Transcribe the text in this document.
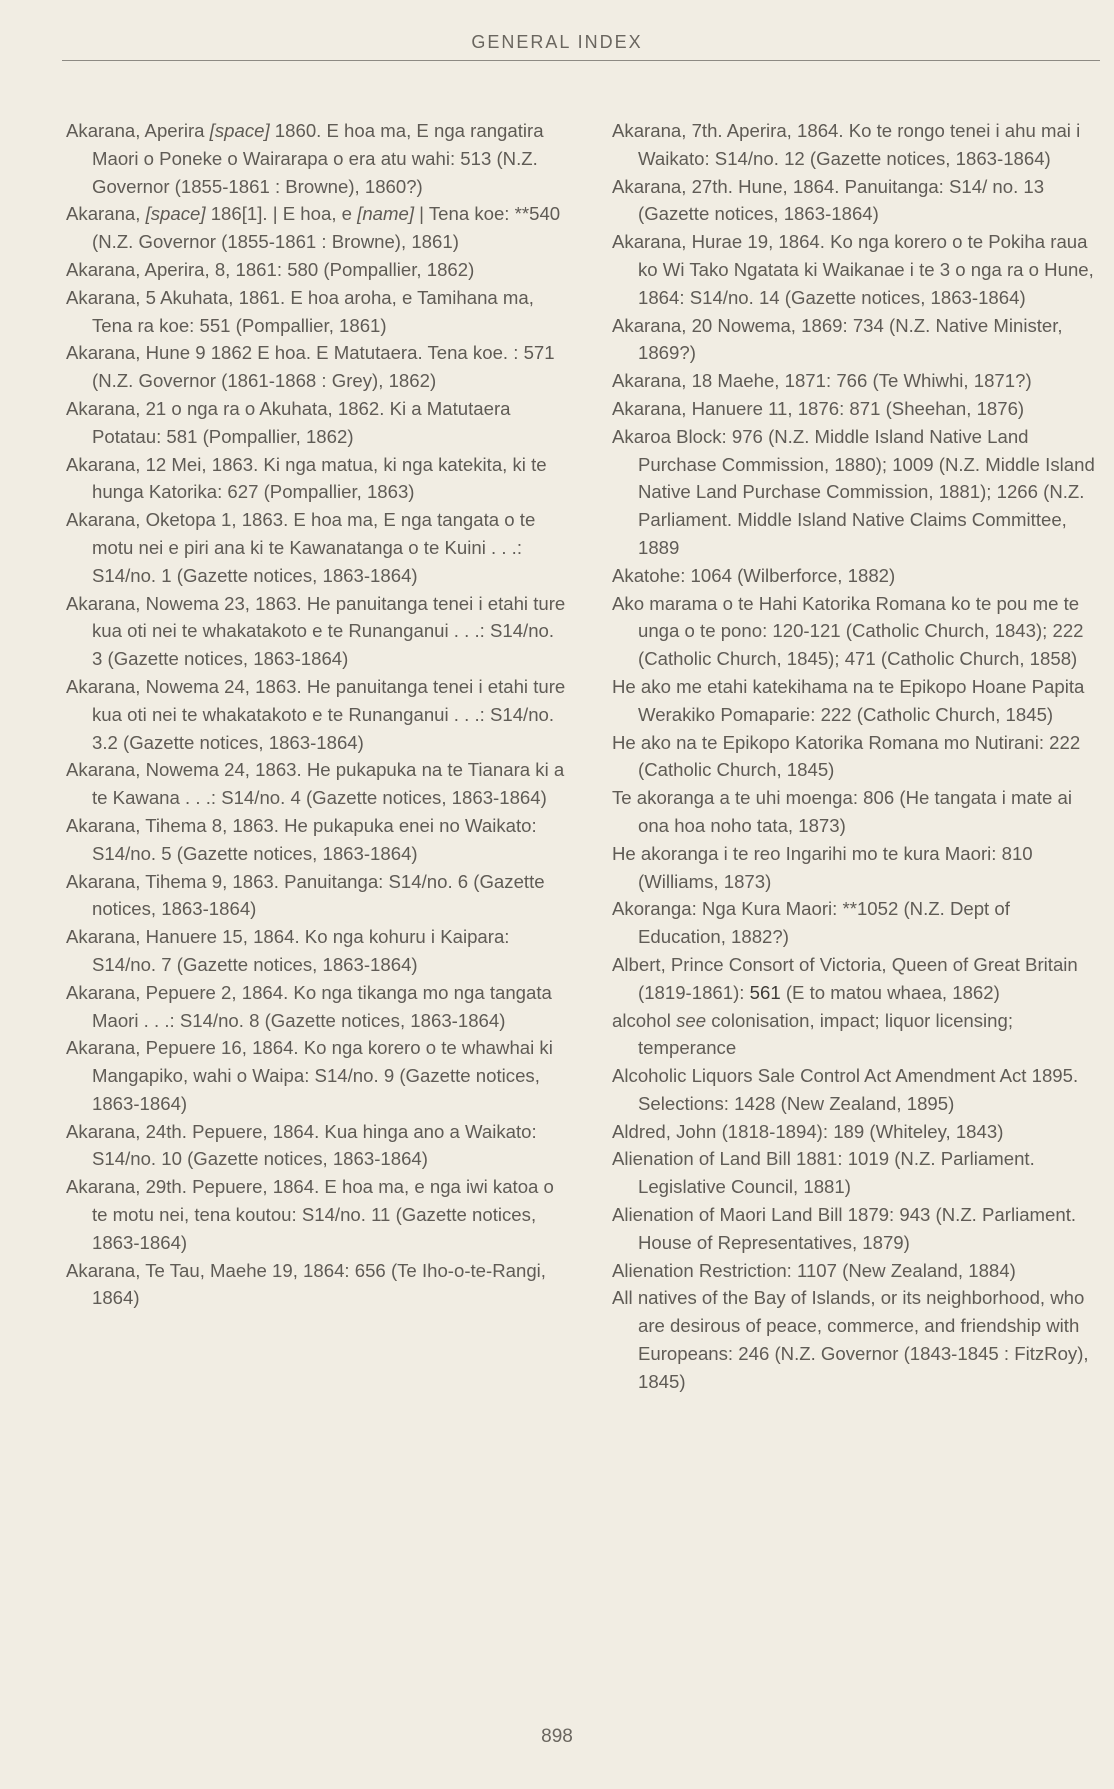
GENERAL INDEX

Akarana, Aperira [space] 1860. E hoa ma, E nga rangatira Maori o Poneke o Wairarapa o era atu wahi: 513 (N.Z. Governor (1855-1861 : Browne), 1860?)

Akarana, [space] 186[1]. | E hoa, e [name] | Tena koe: **540 (N.Z. Governor (1855-1861 : Browne), 1861)

Akarana, Aperira, 8, 1861: 580 (Pompallier, 1862)

Akarana, 5 Akuhata, 1861. E hoa aroha, e Tamihana ma, Tena ra koe: 551 (Pompallier, 1861)

Akarana, Hune 9 1862 E hoa. E Matutaera. Tena koe. : 571 (N.Z. Governor (1861-1868 : Grey), 1862)

Akarana, 21 o nga ra o Akuhata, 1862. Ki a Matutaera Potatau: 581 (Pompallier, 1862)

Akarana, 12 Mei, 1863. Ki nga matua, ki nga katekita, ki te hunga Katorika: 627 (Pompallier, 1863)

Akarana, Oketopa 1, 1863. E hoa ma, E nga tangata o te motu nei e piri ana ki te Kawanatanga o te Kuini . . .: S14/no. 1 (Gazette notices, 1863-1864)

Akarana, Nowema 23, 1863. He panuitanga tenei i etahi ture kua oti nei te whakatakoto e te Runanganui . . .: S14/no. 3 (Gazette notices, 1863-1864)

Akarana, Nowema 24, 1863. He panuitanga tenei i etahi ture kua oti nei te whakatakoto e te Runanganui . . .: S14/no. 3.2 (Gazette notices, 1863-1864)

Akarana, Nowema 24, 1863. He pukapuka na te Tianara ki a te Kawana . . .: S14/no. 4 (Gazette notices, 1863-1864)

Akarana, Tihema 8, 1863. He pukapuka enei no Waikato: S14/no. 5 (Gazette notices, 1863-1864)

Akarana, Tihema 9, 1863. Panuitanga: S14/no. 6 (Gazette notices, 1863-1864)

Akarana, Hanuere 15, 1864. Ko nga kohuru i Kaipara: S14/no. 7 (Gazette notices, 1863-1864)

Akarana, Pepuere 2, 1864. Ko nga tikanga mo nga tangata Maori . . .: S14/no. 8 (Gazette notices, 1863-1864)

Akarana, Pepuere 16, 1864. Ko nga korero o te whawhai ki Mangapiko, wahi o Waipa: S14/no. 9 (Gazette notices, 1863-1864)

Akarana, 24th. Pepuere, 1864. Kua hinga ano a Waikato: S14/no. 10 (Gazette notices, 1863-1864)

Akarana, 29th. Pepuere, 1864. E hoa ma, e nga iwi katoa o te motu nei, tena koutou: S14/no. 11 (Gazette notices, 1863-1864)

Akarana, Te Tau, Maehe 19, 1864: 656 (Te Iho-o-te-Rangi, 1864)

Akarana, 7th. Aperira, 1864. Ko te rongo tenei i ahu mai i Waikato: S14/no. 12 (Gazette notices, 1863-1864)

Akarana, 27th. Hune, 1864. Panuitanga: S14/ no. 13 (Gazette notices, 1863-1864)

Akarana, Hurae 19, 1864. Ko nga korero o te Pokiha raua ko Wi Tako Ngatata ki Waikanae i te 3 o nga ra o Hune, 1864: S14/no. 14 (Gazette notices, 1863-1864)

Akarana, 20 Nowema, 1869: 734 (N.Z. Native Minister, 1869?)

Akarana, 18 Maehe, 1871: 766 (Te Whiwhi, 1871?)

Akarana, Hanuere 11, 1876: 871 (Sheehan, 1876)

Akaroa Block: 976 (N.Z. Middle Island Native Land Purchase Commission, 1880); 1009 (N.Z. Middle Island Native Land Purchase Commission, 1881); 1266 (N.Z. Parliament. Middle Island Native Claims Committee, 1889

Akatohe: 1064 (Wilberforce, 1882)

Ako marama o te Hahi Katorika Romana ko te pou me te unga o te pono: 120-121 (Catholic Church, 1843); 222 (Catholic Church, 1845); 471 (Catholic Church, 1858)

He ako me etahi katekihama na te Epikopo Hoane Papita Werakiko Pomaparie: 222 (Catholic Church, 1845)

He ako na te Epikopo Katorika Romana mo Nutirani: 222 (Catholic Church, 1845)

Te akoranga a te uhi moenga: 806 (He tangata i mate ai ona hoa noho tata, 1873)

He akoranga i te reo Ingarihi mo te kura Maori: 810 (Williams, 1873)

Akoranga: Nga Kura Maori: **1052 (N.Z. Dept of Education, 1882?)

Albert, Prince Consort of Victoria, Queen of Great Britain (1819-1861): 561 (E to matou whaea, 1862)

alcohol see colonisation, impact; liquor licensing; temperance

Alcoholic Liquors Sale Control Act Amendment Act 1895. Selections: 1428 (New Zealand, 1895)

Aldred, John (1818-1894): 189 (Whiteley, 1843)

Alienation of Land Bill 1881: 1019 (N.Z. Parliament. Legislative Council, 1881)

Alienation of Maori Land Bill 1879: 943 (N.Z. Parliament. House of Representatives, 1879)

Alienation Restriction: 1107 (New Zealand, 1884)

All natives of the Bay of Islands, or its neighborhood, who are desirous of peace, commerce, and friendship with Europeans: 246 (N.Z. Governor (1843-1845 : FitzRoy), 1845)

898
